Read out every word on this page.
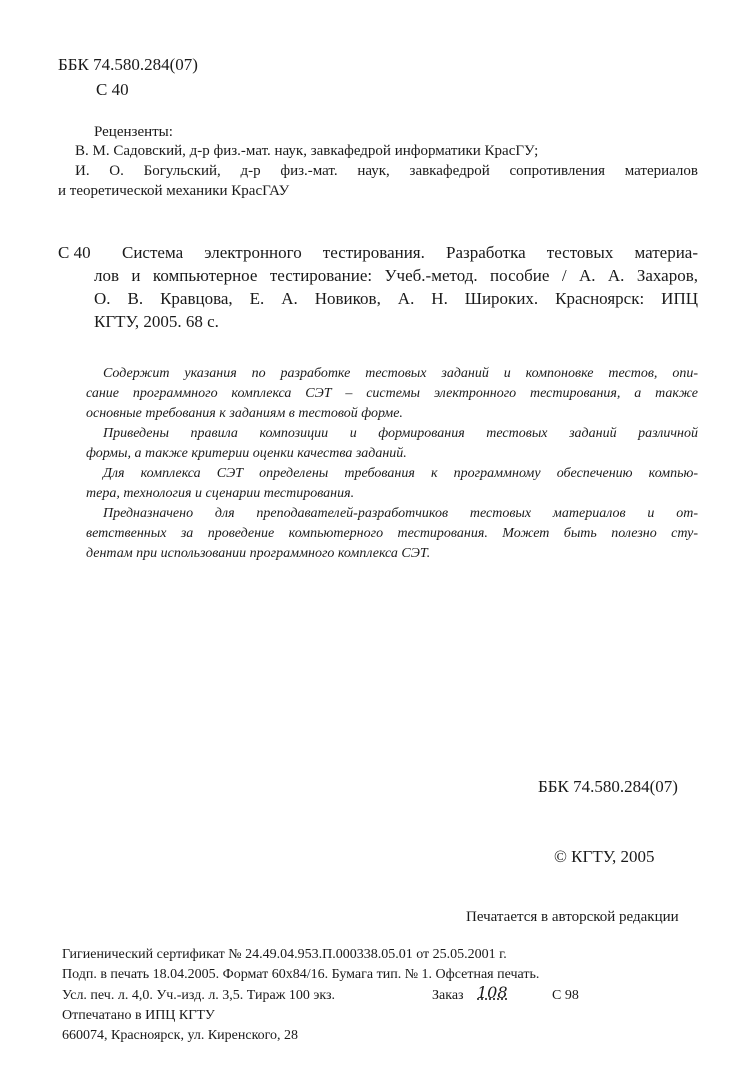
ББК 74.580.284(07)
С 40
Рецензенты:
В. М. Садовский, д-р физ.-мат. наук, завкафедрой информатики КрасГУ;
И. О. Богульский, д-р физ.-мат. наук, завкафедрой сопротивления материалов
и теоретической механики КрасГАУ
С 40 Система электронного тестирования. Разработка тестовых материа-
лов и компьютерное тестирование: Учеб.-метод. пособие / А. А. Захаров,
О. В. Кравцова, Е. А. Новиков, А. Н. Широких. Красноярск: ИПЦ
КГТУ, 2005. 68 с.
Содержит указания по разработке тестовых заданий и компоновке тестов, опи-
сание программного комплекса СЭТ – системы электронного тестирования, а также
основные требования к заданиям в тестовой форме.
Приведены правила композиции и формирования тестовых заданий различной
формы, а также критерии оценки качества заданий.
Для комплекса СЭТ определены требования к программному обеспечению компью-
тера, технология и сценарии тестирования.
Предназначено для преподавателей-разработчиков тестовых материалов и от-
ветственных за проведение компьютерного тестирования. Может быть полезно сту-
дентам при использовании программного комплекса СЭТ.
ББК 74.580.284(07)
© КГТУ, 2005
Печатается в авторской редакции
Гигиенический сертификат № 24.49.04.953.П.000338.05.01 от 25.05.2001 г.
Подп. в печать 18.04.2005. Формат 60х84/16. Бумага тип. № 1. Офсетная печать.
Усл. печ. л. 4,0. Уч.-изд. л. 3,5. Тираж 100 экз.	Заказ 108	С 98
Отпечатано в ИПЦ КГТУ
660074, Красноярск, ул. Киренского, 28
